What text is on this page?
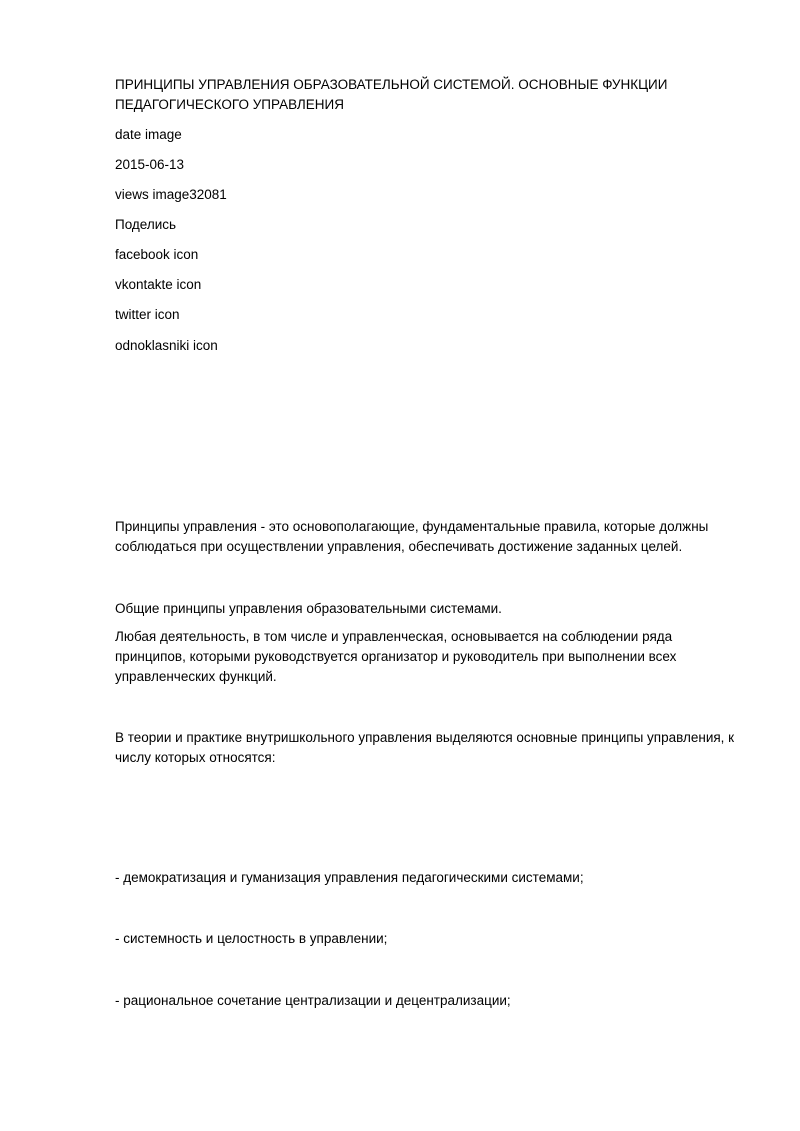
ПРИНЦИПЫ УПРАВЛЕНИЯ ОБРАЗОВАТЕЛЬНОЙ СИСТЕМОЙ. ОСНОВНЫЕ ФУНКЦИИ
ПЕДАГОГИЧЕСКОГО УПРАВЛЕНИЯ
date image
2015-06-13
views image32081
Поделись
facebook icon
vkontakte icon
twitter icon
odnoklasniki icon
Принципы управления - это основополагающие, фундаментальные правила, которые должны
соблюдаться при осуществлении управления, обеспечивать достижение заданных целей.
Общие принципы управления образовательными системами.
Любая деятельность, в том числе и управленческая, основывается на соблюдении ряда
принципов, которыми руководствуется организатор и руководитель при выполнении всех
управленческих функций.
В теории и практике внутришкольного управления выделяются основные принципы управления, к
числу которых относятся:
- демократизация и гуманизация управления педагогическими системами;
- системность и целостность в управлении;
- рациональное сочетание централизации и децентрализации;
